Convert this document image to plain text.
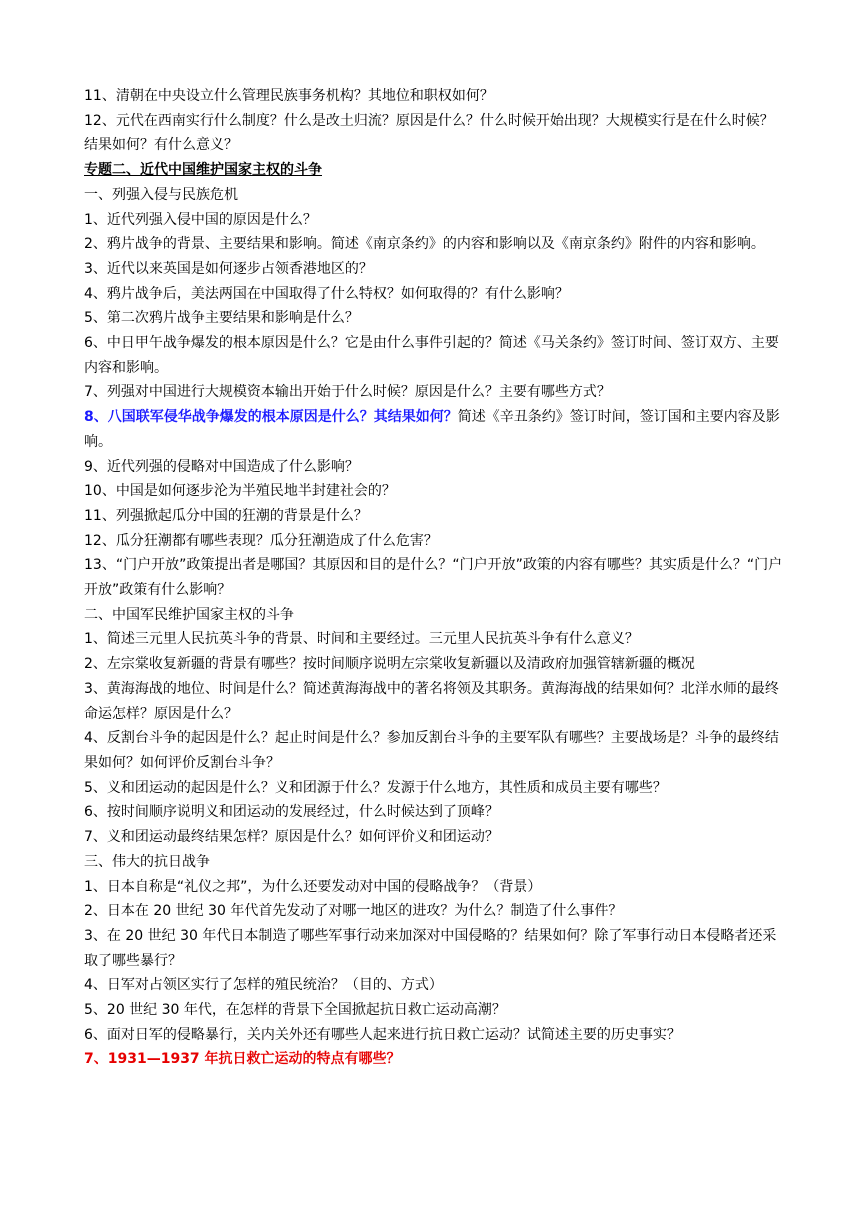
11、清朝在中央设立什么管理民族事务机构？其地位和职权如何？

12、元代在西南实行什么制度？什么是改土归流？原因是什么？什么时候开始出现？大规模实行是在什么时候？结果如何？有什么意义？

专题二、近代中国维护国家主权的斗争

一、列强入侵与民族危机

1、近代列强入侵中国的原因是什么？

2、鸦片战争的背景、主要结果和影响。简述《南京条约》的内容和影响以及《南京条约》附件的内容和影响。

3、近代以来英国是如何逐步占领香港地区的？

4、鸦片战争后，美法两国在中国取得了什么特权？如何取得的？有什么影响？

5、第二次鸦片战争主要结果和影响是什么？

6、中日甲午战争爆发的根本原因是什么？它是由什么事件引起的？简述《马关条约》签订时间、签订双方、主要内容和影响。

7、列强对中国进行大规模资本输出开始于什么时候？原因是什么？主要有哪些方式？

8、八国联军侵华战争爆发的根本原因是什么？其结果如何？简述《辛丑条约》签订时间，签订国和主要内容及影响。

9、近代列强的侵略对中国造成了什么影响？

10、中国是如何逐步沦为半殖民地半封建社会的？

11、列强掀起瓜分中国的狂潮的背景是什么？

12、瓜分狂潮都有哪些表现？瓜分狂潮造成了什么危害？

13、“门户开放”政策提出者是哪国？其原因和目的是什么？“门户开放”政策的内容有哪些？其实质是什么？“门户开放”政策有什么影响？

二、中国军民维护国家主权的斗争

1、简述三元里人民抗英斗争的背景、时间和主要经过。三元里人民抗英斗争有什么意义？

2、左宗棠收复新疆的背景有哪些？按时间顺序说明左宗棠收复新疆以及清政府加强管辖新疆的概况

3、黄海海战的地位、时间是什么？简述黄海海战中的著名将领及其职务。黄海海战的结果如何？北洋水师的最终命运怎样？原因是什么？

4、反割台斗争的起因是什么？起止时间是什么？参加反割台斗争的主要军队有哪些？主要战场是？斗争的最终结果如何？如何评价反割台斗争？

5、义和团运动的起因是什么？义和团源于什么？发源于什么地方，其性质和成员主要有哪些？

6、按时间顺序说明义和团运动的发展经过，什么时候达到了顶峰？

7、义和团运动最终结果怎样？原因是什么？如何评价义和团运动？

三、伟大的抗日战争

1、日本自称是“礼仪之邦”，为什么还要发动对中国的侵略战争？（背景）

2、日本在 20 世纪 30 年代首先发动了对哪一地区的进攻？为什么？制造了什么事件？

3、在 20 世纪 30 年代日本制造了哪些军事行动来加深对中国侵略的？结果如何？除了军事行动日本侵略者还采取了哪些暴行？

4、日军对占领区实行了怎样的殖民统治？（目的、方式）

5、20 世纪 30 年代，在怎样的背景下全国掀起抗日救亡运动高潮？

6、面对日军的侵略暴行，关内关外还有哪些人起来进行抗日救亡运动？试简述主要的历史事实？

7、1931—1937 年抗日救亡运动的特点有哪些？
